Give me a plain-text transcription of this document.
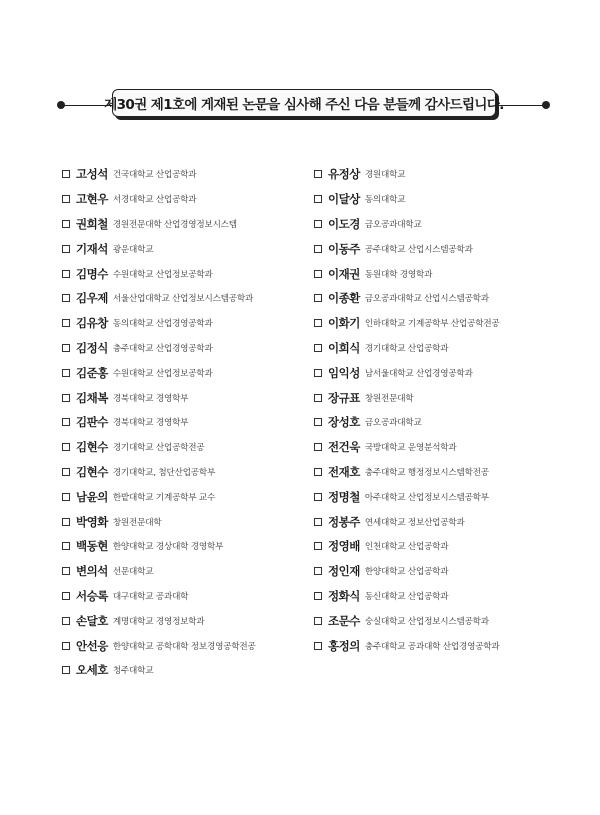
제30권 제1호에 게재된 논문을 심사해 주신 다음 분들께 감사드립니다.
고성석 건국대학교 산업공학과
고현우 서경대학교 산업공학과
권희철 경원전문대학 산업경영정보시스템
기재석 광운대학교
김명수 수원대학교 산업정보공학과
김우제 서울산업대학교 산업정보시스템공학과
김유창 동의대학교 산업경영공학과
김정식 충주대학교 산업경영공학과
김준홍 수원대학교 산업정보공학과
김채복 경북대학교 경영학부
김판수 경북대학교 경영학부
김현수 경기대학교 산업공학전공
김현수 경기대학교, 첨단산업공학부
남윤의 한밭대학교 기계공학부 교수
박영화 창원전문대학
백동현 한양대학교 경상대학 경영학부
변의석 선문대학교
서승록 대구대학교 공과대학
손달호 계명대학교 경영정보학과
안선응 한양대학교 공학대학 정보경영공학전공
오세호 청주대학교
유정상 경원대학교
이달상 동의대학교
이도경 금오공과대학교
이동주 공주대학교 산업시스템공학과
이재권 동원대학 경영학과
이종환 금오공과대학교 산업시스템공학과
이화기 인하대학교 기계공학부 산업공학전공
이희식 경기대학교 산업공학과
임익성 남서울대학교 산업경영공학과
장규표 창원전문대학
장성호 금오공과대학교
전건욱 국방대학교 운영분석학과
전재호 충주대학교 행정정보시스템학전공
정명철 아주대학교 산업정보시스템공학부
정봉주 연세대학교 정보산업공학과
정영배 인천대학교 산업공학과
정인재 한양대학교 산업공학과
정화식 동신대학교 산업공학과
조문수 숭실대학교 산업정보시스템공학과
홍정의 충주대학교 공과대학 산업경영공학과
